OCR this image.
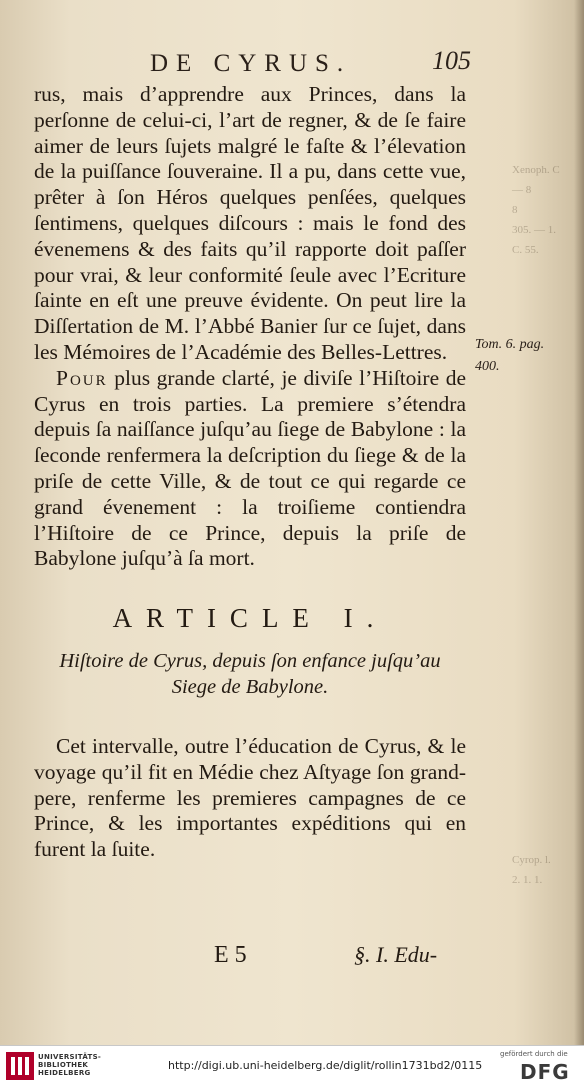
DE CYRUS.	105

rus, mais d’apprendre aux Princes, dans la perſonne de celui-ci, l’art de regner, & de ſe faire aimer de leurs ſujets malgré le faſte & l’élevation de la puiſſance ſouveraine. Il a pu, dans cette vue, prêter à ſon Héros quelques penſées, quelques ſentimens, quelques diſcours : mais le fond des évenemens & des faits qu’il rapporte doit paſſer pour vrai, & leur conformité ſeule avec l’Ecriture ſainte en eſt une preuve évidente. On peut lire la Diſſertation de M. l’Abbé Banier ſur ce ſujet, dans les Mémoires de l’Académie des Belles-Lettres.

Pour plus grande clarté, je diviſe l’Hiſtoire de Cyrus en trois parties. La premiere s’étendra depuis ſa naiſſance juſqu’au ſiege de Babylone : la ſeconde renfermera la deſcription du ſiege & de la priſe de cette Ville, & de tout ce qui regarde ce grand évenement : la troiſieme contiendra l’Hiſtoire de ce Prince, depuis la priſe de Babylone juſqu’à ſa mort.

ARTICLE I.
Hiſtoire de Cyrus, depuis ſon enfance juſqu’au Siege de Babylone.

Cet intervalle, outre l’éducation de Cyrus, & le voyage qu’il fit en Médie chez Aſtyage ſon grand-pere, renferme les premieres campagnes de ce Prince, & les importantes expéditions qui en furent la ſuite.

Tom. 6. pag.
400.
Xenoph. C
— 8
8
305. — 1.
C. 55.
Cyrop. l.
2. 1. 1.
E 5	§. I. Edu-
UNIVERSITÄTS-
BIBLIOTHEK
HEIDELBERG
http://digi.ub.uni-heidelberg.de/diglit/rollin1731bd2/0115
gefördert durch die
DFG
